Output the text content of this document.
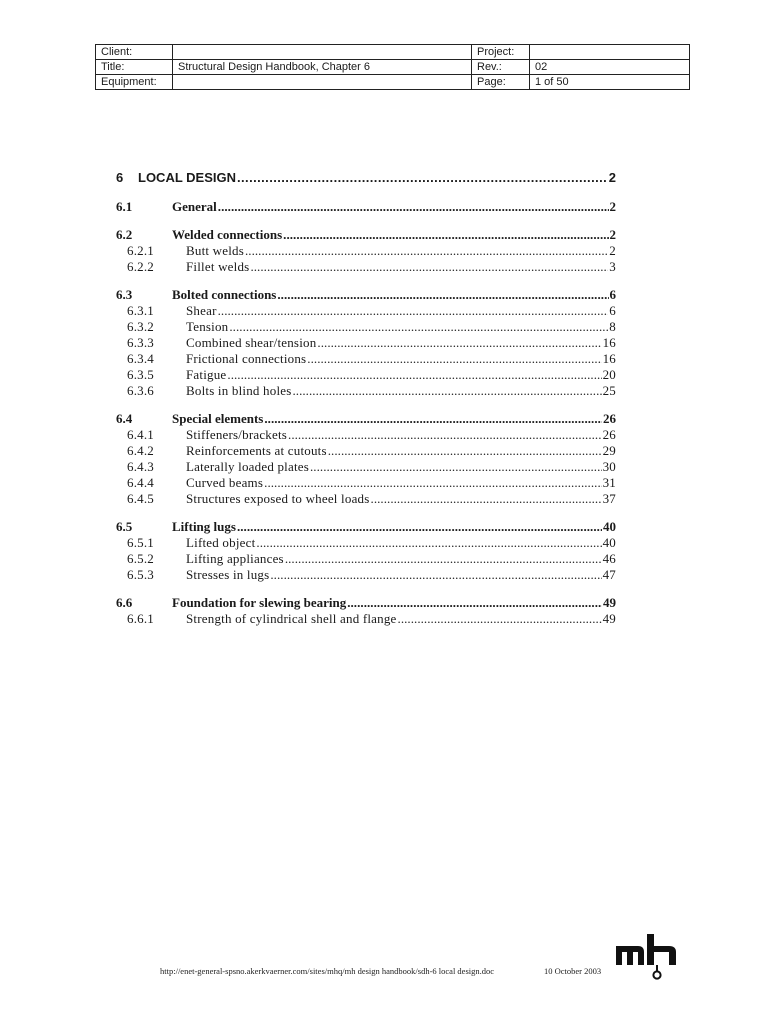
Client:		Project:	
Title:	Structural Design Handbook, Chapter 6	Rev.:	02
Equipment:		Page:	1 of 50
6	LOCAL DESIGN . . .	2
6.1	General . . .	2
6.2	Welded connections . . .	2
6.2.1	Butt welds . . .	2
6.2.2	Fillet welds . . .	3
6.3	Bolted connections . . .	6
6.3.1	Shear . . .	6
6.3.2	Tension . . .	8
6.3.3	Combined shear/tension . . .	16
6.3.4	Frictional connections . . .	16
6.3.5	Fatigue . . .	20
6.3.6	Bolts in blind holes . . .	25
6.4	Special elements . . .	26
6.4.1	Stiffeners/brackets . . .	26
6.4.2	Reinforcements at cutouts . . .	29
6.4.3	Laterally loaded plates . . .	30
6.4.4	Curved beams . . .	31
6.4.5	Structures exposed to wheel loads . . .	37
6.5	Lifting lugs . . .	40
6.5.1	Lifted object . . .	40
6.5.2	Lifting appliances . . .	46
6.5.3	Stresses in lugs . . .	47
6.6	Foundation for slewing bearing . . .	49
6.6.1	Strength of cylindrical shell and flange . . .	49
http://enet-general-spsno.akerkvaerner.com/sites/mhq/mh design handbook/sdh-6 local design.doc	10 October 2003
